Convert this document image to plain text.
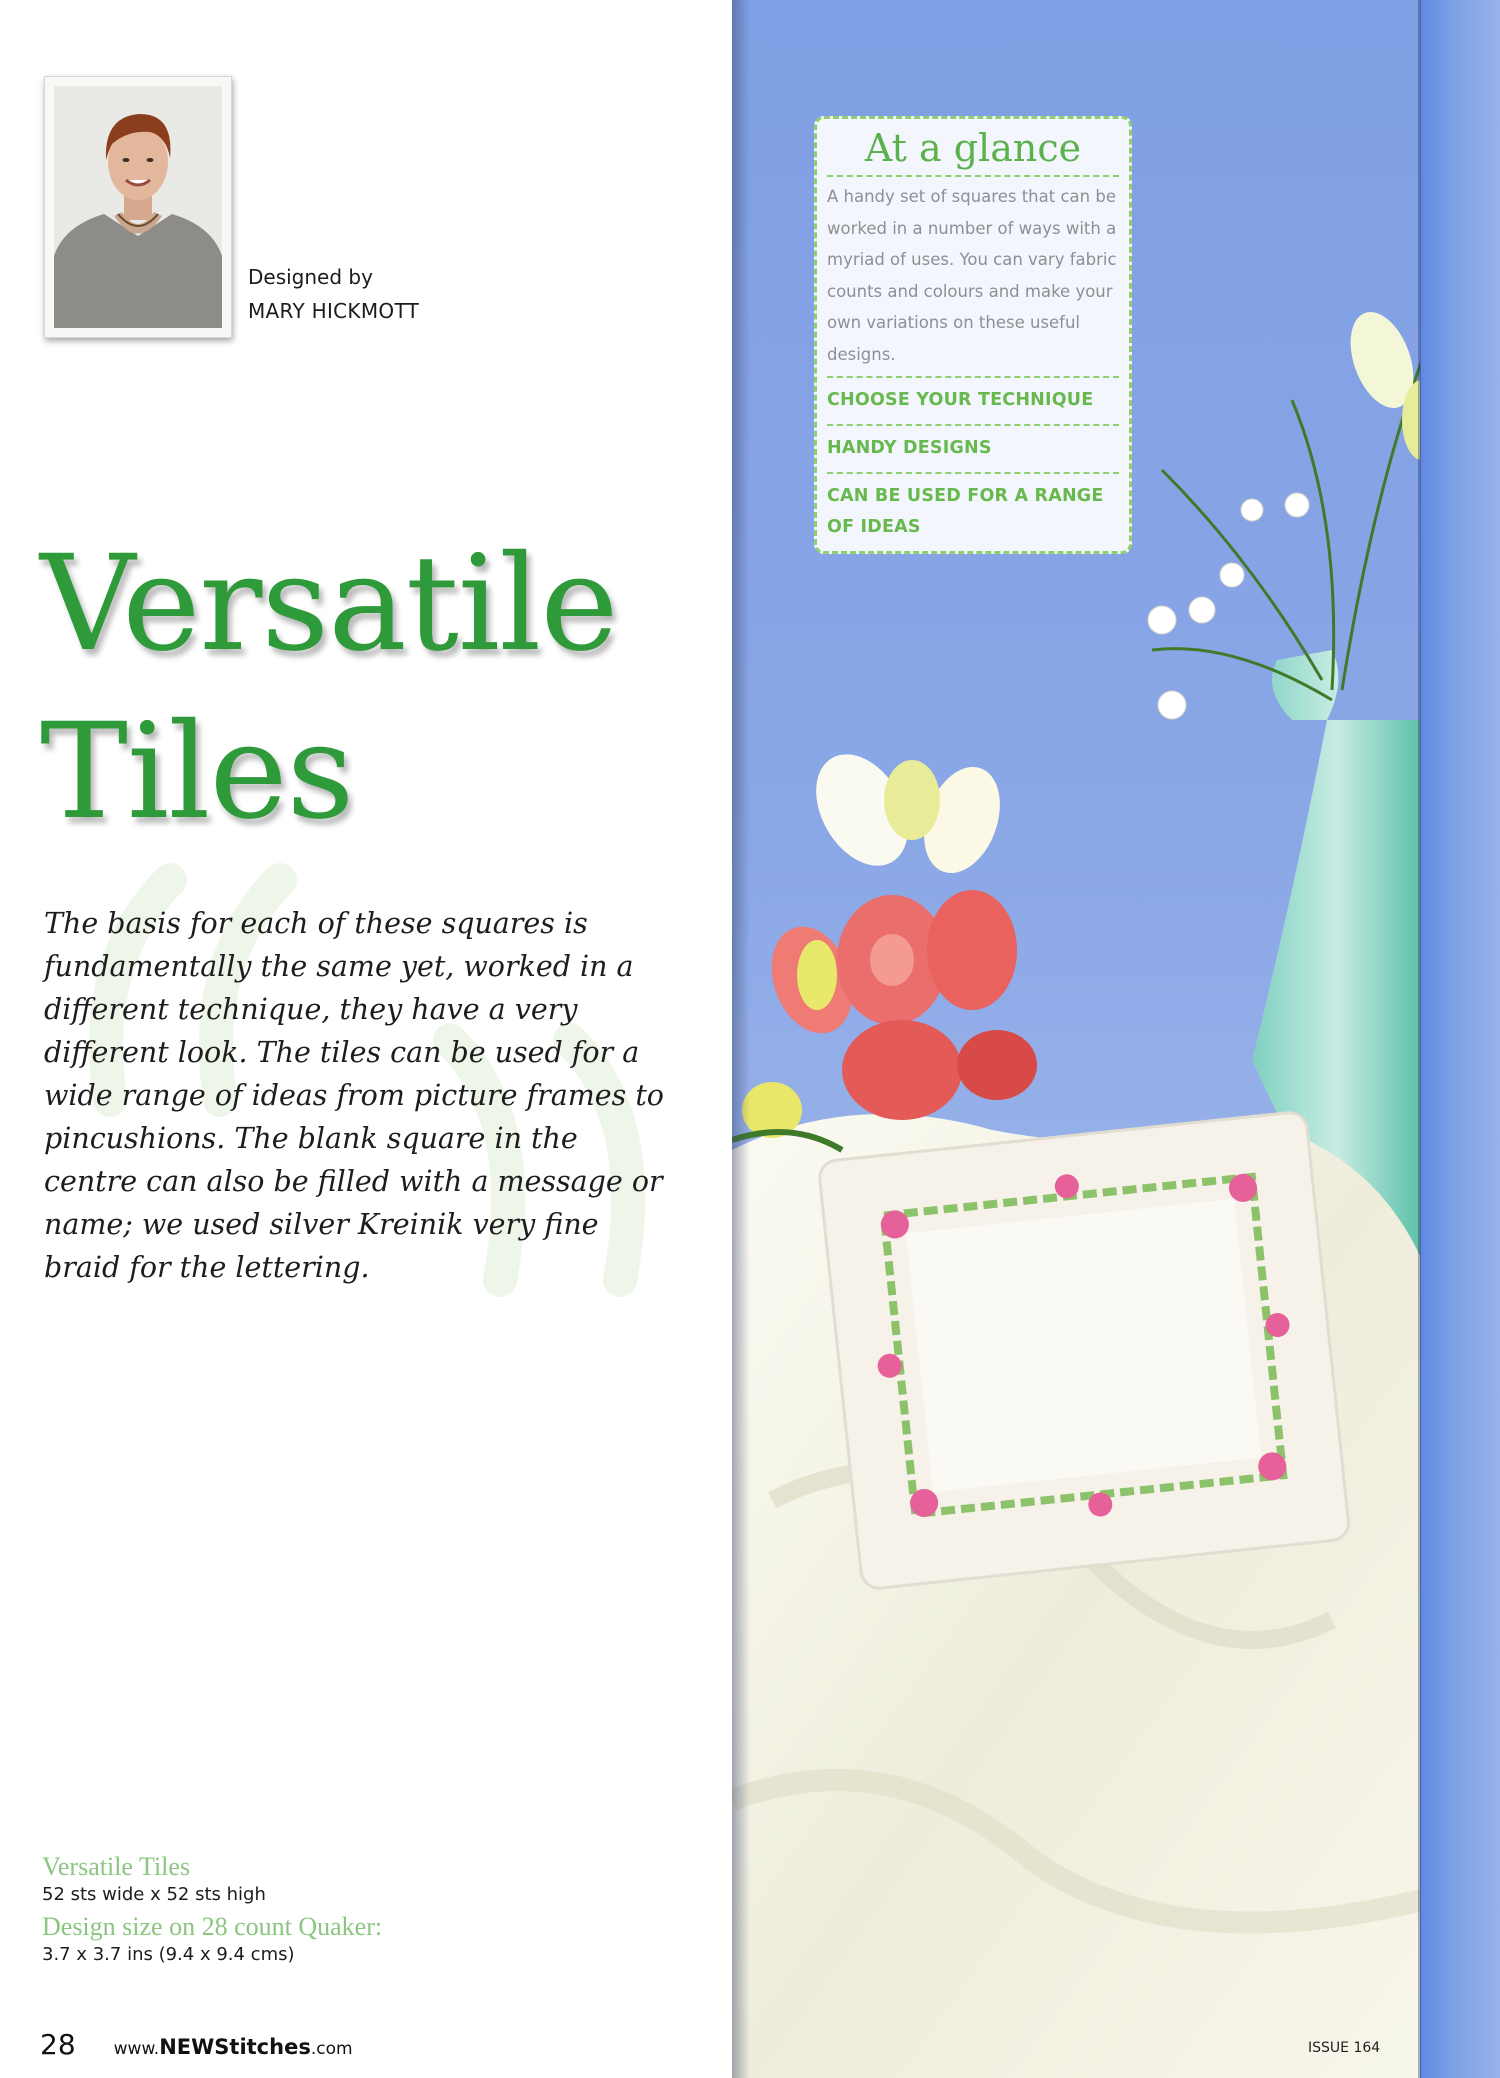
Designed by
MARY HICKMOTT
Versatile
Tiles

The basis for each of these squares is fundamentally the same yet, worked in a different technique, they have a very different look. The tiles can be used for a wide range of ideas from picture frames to pincushions. The blank square in the centre can also be filled with a message or name; we used silver Kreinik very fine braid for the lettering.

Versatile Tiles
52 sts wide x 52 sts high
Design size on 28 count Quaker:
3.7 x 3.7 ins (9.4 x 9.4 cms)
28 www.NEWStitches.com

At a glance

A handy set of squares that can be worked in a number of ways with a myriad of uses. You can vary fabric counts and colours and make your own variations on these useful designs.

CHOOSE YOUR TECHNIQUE
HANDY DESIGNS
CAN BE USED FOR A RANGE OF IDEAS
ISSUE 164
